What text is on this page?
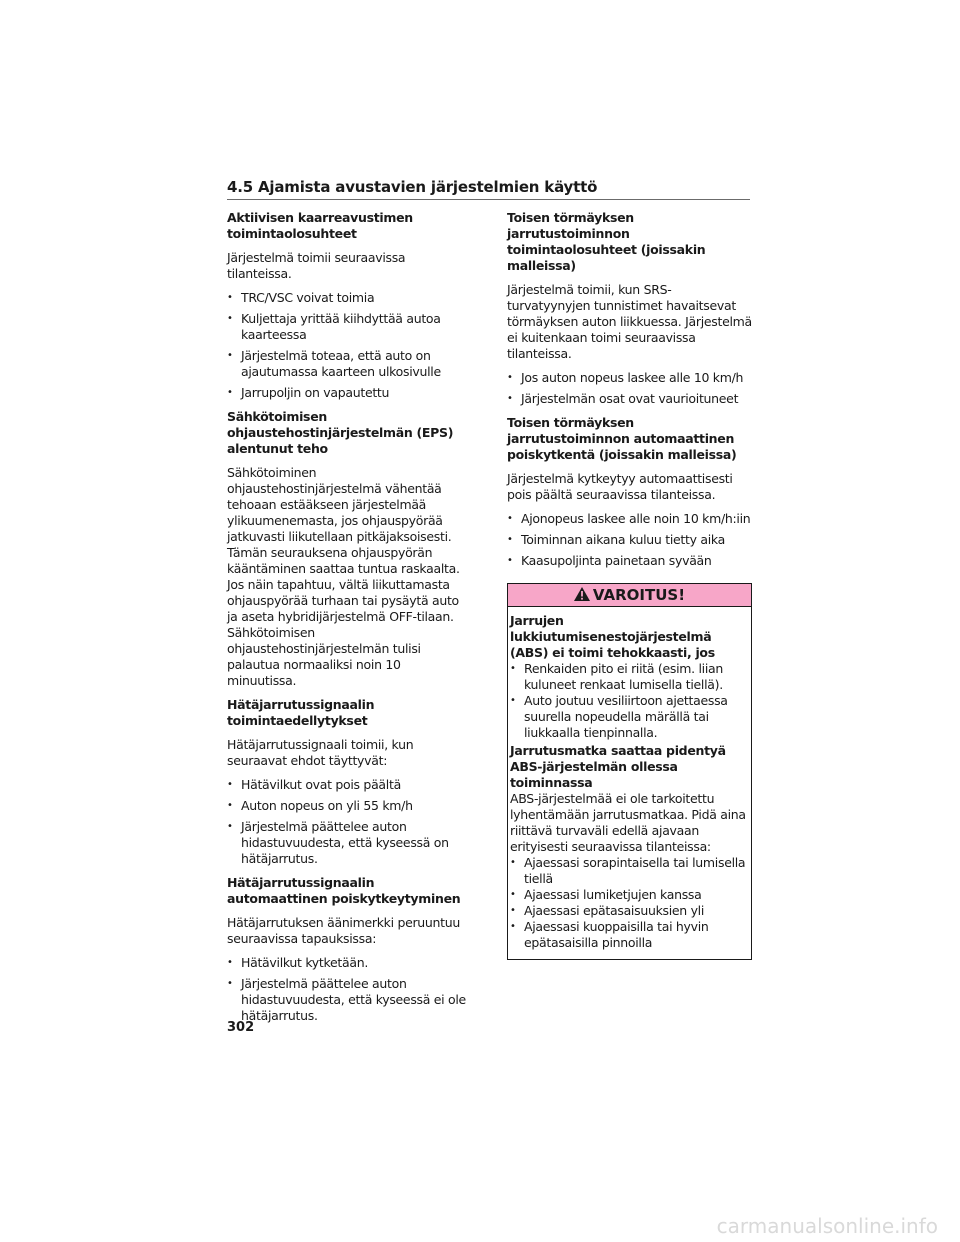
4.5 Ajamista avustavien järjestelmien käyttö
Aktiivisen kaarreavustimen toimintaolosuhteet

Järjestelmä toimii seuraavissa tilanteissa.

• TRC/VSC voivat toimia
• Kuljettaja yrittää kiihdyttää autoa kaarteessa
• Järjestelmä toteaa, että auto on ajautumassa kaarteen ulkosivulle
• Jarrupoljin on vapautettu
Sähkötoimisen ohjaustehostinjärjestelmän (EPS) alentunut teho

Sähkötoiminen ohjaustehostinjärjestelmä vähentää tehoaan estääkseen järjestelmää ylikuumenemasta, jos ohjauspyörää jatkuvasti liikutellaan pitkäjaksoisesti. Tämän seurauksena ohjauspyörän kääntäminen saattaa tuntua raskaalta. Jos näin tapahtuu, vältä liikuttamasta ohjauspyörää turhaan tai pysäytä auto ja aseta hybridijärjestelmä OFF-tilaan. Sähkötoimisen ohjaustehostinjärjestelmän tulisi palautua normaaliksi noin 10 minuutissa.

Hätäjarrutussignaalin toimintaedellytykset

Hätäjarrutussignaali toimii, kun seuraavat ehdot täyttyvät:

• Hätävilkut ovat pois päältä
• Auton nopeus on yli 55 km/h
• Järjestelmä päättelee auton hidastuvuudesta, että kyseessä on hätäjarrutus.
Hätäjarrutussignaalin automaattinen poiskytkeytyminen

Hätäjarrutuksen äänimerkki peruuntuu seuraavissa tapauksissa:

• Hätävilkut kytketään.
• Järjestelmä päättelee auton hidastuvuudesta, että kyseessä ei ole hätäjarrutus.
Toisen törmäyksen jarrutustoiminnon toimintaolosuhteet (joissakin malleissa)

Järjestelmä toimii, kun SRS-turvatyynyjen tunnistimet havaitsevat törmäyksen auton liikkuessa. Järjestelmä ei kuitenkaan toimi seuraavissa tilanteissa.

• Jos auton nopeus laskee alle 10 km/h
• Järjestelmän osat ovat vaurioituneet
Toisen törmäyksen jarrutustoiminnon automaattinen poiskytkentä (joissakin malleissa)

Järjestelmä kytkeytyy automaattisesti pois päältä seuraavissa tilanteissa.

• Ajonopeus laskee alle noin 10 km/h:iin
• Toiminnan aikana kuluu tietty aika
• Kaasupoljinta painetaan syvään
VAROITUS!
Jarrujen lukkiutumisenestojärjestelmä (ABS) ei toimi tehokkaasti, jos
• Renkaiden pito ei riitä (esim. liian kuluneet renkaat lumisella tiellä).
• Auto joutuu vesiliirtoon ajettaessa suurella nopeudella märällä tai liukkaalla tienpinnalla.
Jarrutusmatka saattaa pidentyä ABS-järjestelmän ollessa toiminnassa

ABS-järjestelmää ei ole tarkoitettu lyhentämään jarrutusmatkaa. Pidä aina riittävä turvaväli edellä ajavaan erityisesti seuraavissa tilanteissa:

• Ajaessasi sorapintaisella tai lumisella tiellä
• Ajaessasi lumiketjujen kanssa
• Ajaessasi epätasaisuuksien yli
• Ajaessasi kuoppaisilla tai hyvin epätasaisilla pinnoilla
302
carmanualsonline.info
